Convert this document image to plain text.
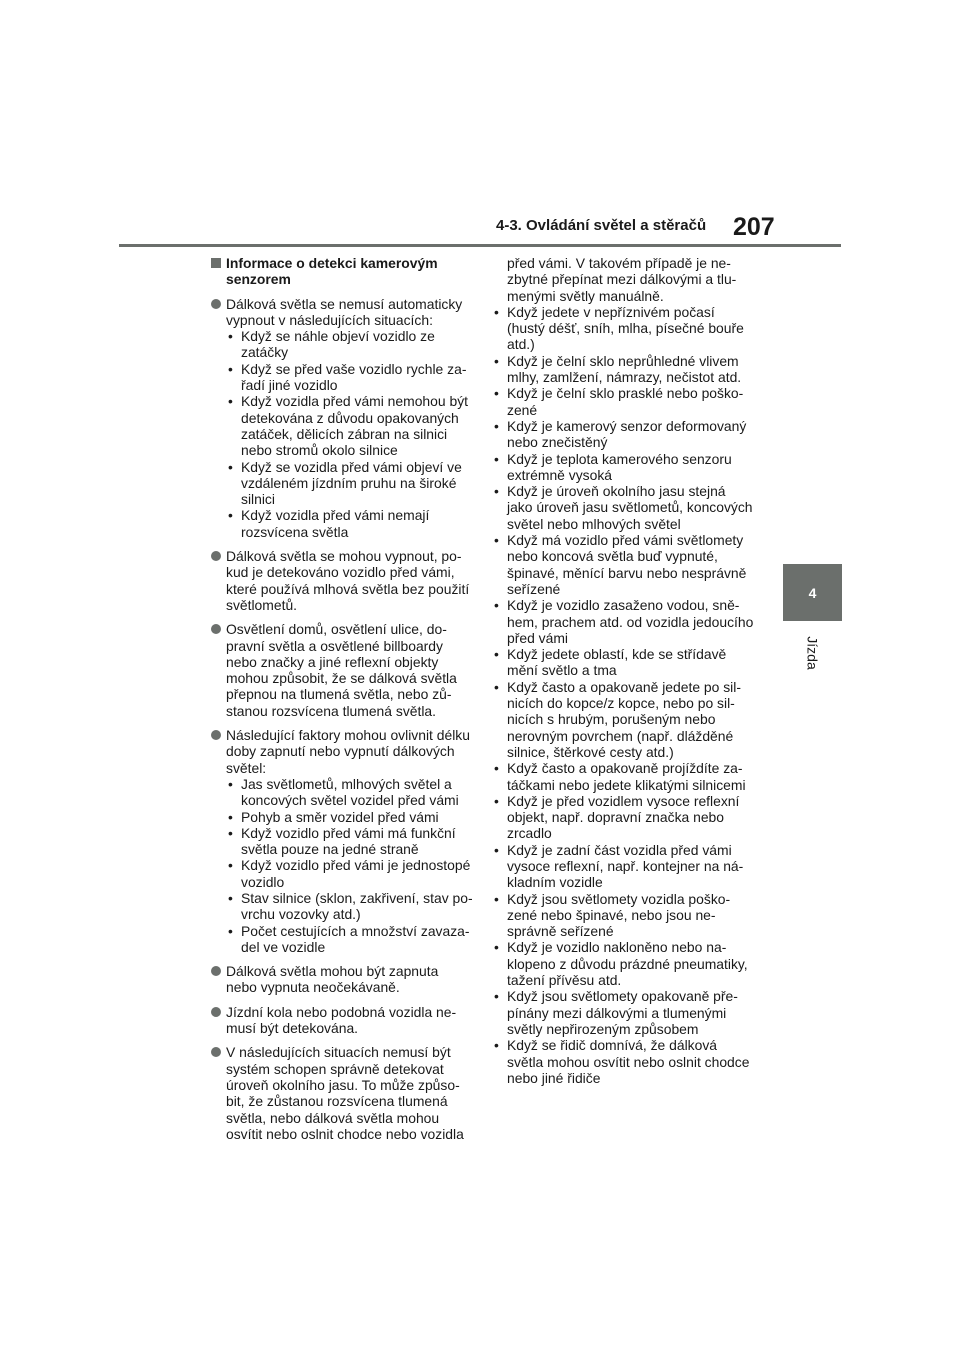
4-3. Ovládání světel a stěračů 207
4
Jízda
Informace o detekci kamerovým senzorem
Dálková světla se nemusí automaticky vypnout v následujících situacích:
• Když se náhle objeví vozidlo ze zatáčky
• Když se před vaše vozidlo rychle zařadí jiné vozidlo
• Když vozidla před vámi nemohou být detekována z důvodu opakovaných zatáček, dělicích zábran na silnici nebo stromů okolo silnice
• Když se vozidla před vámi objeví ve vzdáleném jízdním pruhu na široké silnici
• Když vozidla před vámi nemají rozsvícena světla
Dálková světla se mohou vypnout, pokud je detekováno vozidlo před vámi, které používá mlhová světla bez použití světlometů.
Osvětlení domů, osvětlení ulice, dopravní světla a osvětlené billboardy nebo značky a jiné reflexní objekty mohou způsobit, že se dálková světla přepnou na tlumená světla, nebo zůstanou rozsvícena tlumená světla.
Následující faktory mohou ovlivnit délku doby zapnutí nebo vypnutí dálkových světel:
• Jas světlometů, mlhových světel a koncových světel vozidel před vámi
• Pohyb a směr vozidel před vámi
• Když vozidlo před vámi má funkční světla pouze na jedné straně
• Když vozidlo před vámi je jednostopé vozidlo
• Stav silnice (sklon, zakřivení, stav povrchu vozovky atd.)
• Počet cestujících a množství zavazadel ve vozidle
Dálková světla mohou být zapnuta nebo vypnuta neočekávaně.
Jízdní kola nebo podobná vozidla nemusí být detekována.
V následujících situacích nemusí být systém schopen správně detekovat úroveň okolního jasu. To může způsobit, že zůstanou rozsvícena tlumená světla, nebo dálková světla mohou osvítit nebo oslnit chodce nebo vozidla
před vámi. V takovém případě je nezbytné přepínat mezi dálkovými a tlumenými světly manuálně.
• Když jedete v nepříznivém počasí (hustý déšť, sníh, mlha, písečné bouře atd.)
• Když je čelní sklo neprůhledné vlivem mlhy, zamlžení, námrazy, nečistot atd.
• Když je čelní sklo prasklé nebo poškozené
• Když je kamerový senzor deformovaný nebo znečistěný
• Když je teplota kamerového senzoru extrémně vysoká
• Když je úroveň okolního jasu stejná jako úroveň jasu světlometů, koncových světel nebo mlhových světel
• Když má vozidlo před vámi světlomety nebo koncová světla buď vypnuté, špinavé, měnící barvu nebo nesprávně seřízené
• Když je vozidlo zasaženo vodou, sněhem, prachem atd. od vozidla jedoucího před vámi
• Když jedete oblastí, kde se střídavě mění světlo a tma
• Když často a opakovaně jedete po silnicích do kopce/z kopce, nebo po silnicích s hrubým, porušeným nebo nerovným povrchem (např. dlážděné silnice, štěrkové cesty atd.)
• Když často a opakovaně projíždíte zatáčkami nebo jedete klikatými silnicemi
• Když je před vozidlem vysoce reflexní objekt, např. dopravní značka nebo zrcadlo
• Když je zadní část vozidla před vámi vysoce reflexní, např. kontejner na nákladním vozidle
• Když jsou světlomety vozidla poškozené nebo špinavé, nebo jsou nesprávně seřízené
• Když je vozidlo nakloněno nebo naklopeno z důvodu prázdné pneumatiky, tažení přívěsu atd.
• Když jsou světlomety opakovaně přepínány mezi dálkovými a tlumenými světly nepřirozeným způsobem
• Když se řidič domnívá, že dálková světla mohou osvítit nebo oslnit chodce nebo jiné řidiče
